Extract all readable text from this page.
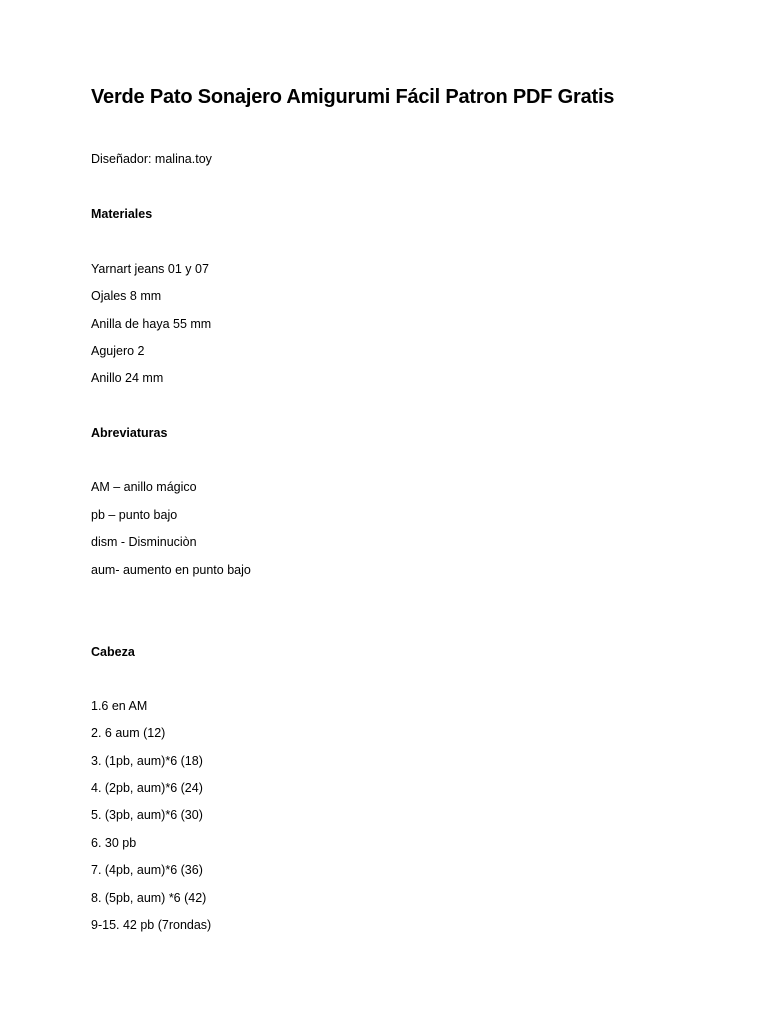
Verde Pato Sonajero Amigurumi Fácil Patron PDF Gratis

Diseñador: malina.toy

Materiales

Yarnart jeans 01 y 07

Ojales 8 mm

Anilla de haya 55 mm

Agujero 2

Anillo 24 mm

Abreviaturas

AM – anillo mágico

pb – punto bajo

dism - Disminuciòn

aum- aumento en punto bajo

Cabeza

1.6 en AM

2. 6 aum (12)

3. (1pb, aum)*6 (18)

4. (2pb, aum)*6 (24)

5. (3pb, aum)*6 (30)

6. 30 pb

7. (4pb, aum)*6 (36)

8. (5pb, aum) *6 (42)

9-15. 42 pb (7rondas)
